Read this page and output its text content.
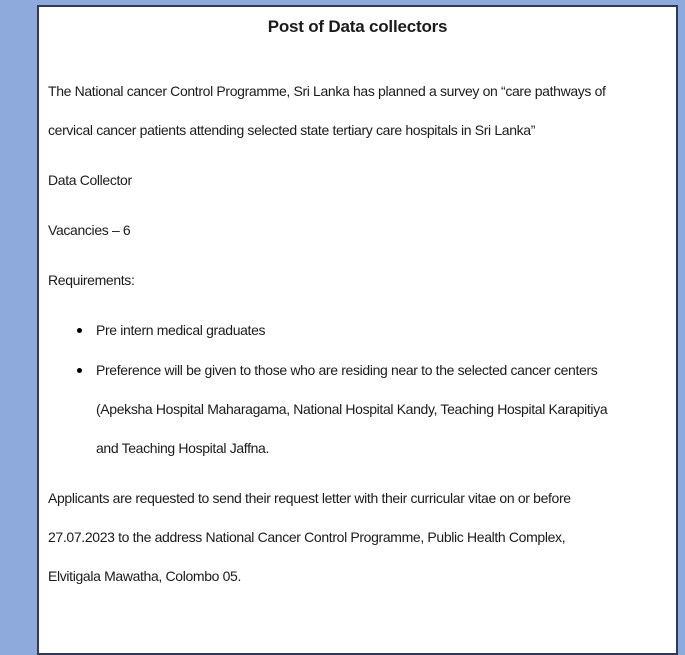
Post of Data collectors
The National cancer Control Programme, Sri Lanka has planned a survey on “care pathways of
cervical cancer patients attending selected state tertiary care hospitals in Sri Lanka”
Data Collector
Vacancies – 6
Requirements:
Pre intern medical graduates
Preference will be given to those who are residing near to the selected cancer centers
(Apeksha Hospital Maharagama, National Hospital Kandy, Teaching Hospital Karapitiya
and Teaching Hospital Jaffna.
Applicants are requested to send their request letter with their curricular vitae on or before
27.07.2023 to the address National Cancer Control Programme, Public Health Complex,
Elvitigala Mawatha, Colombo 05.
